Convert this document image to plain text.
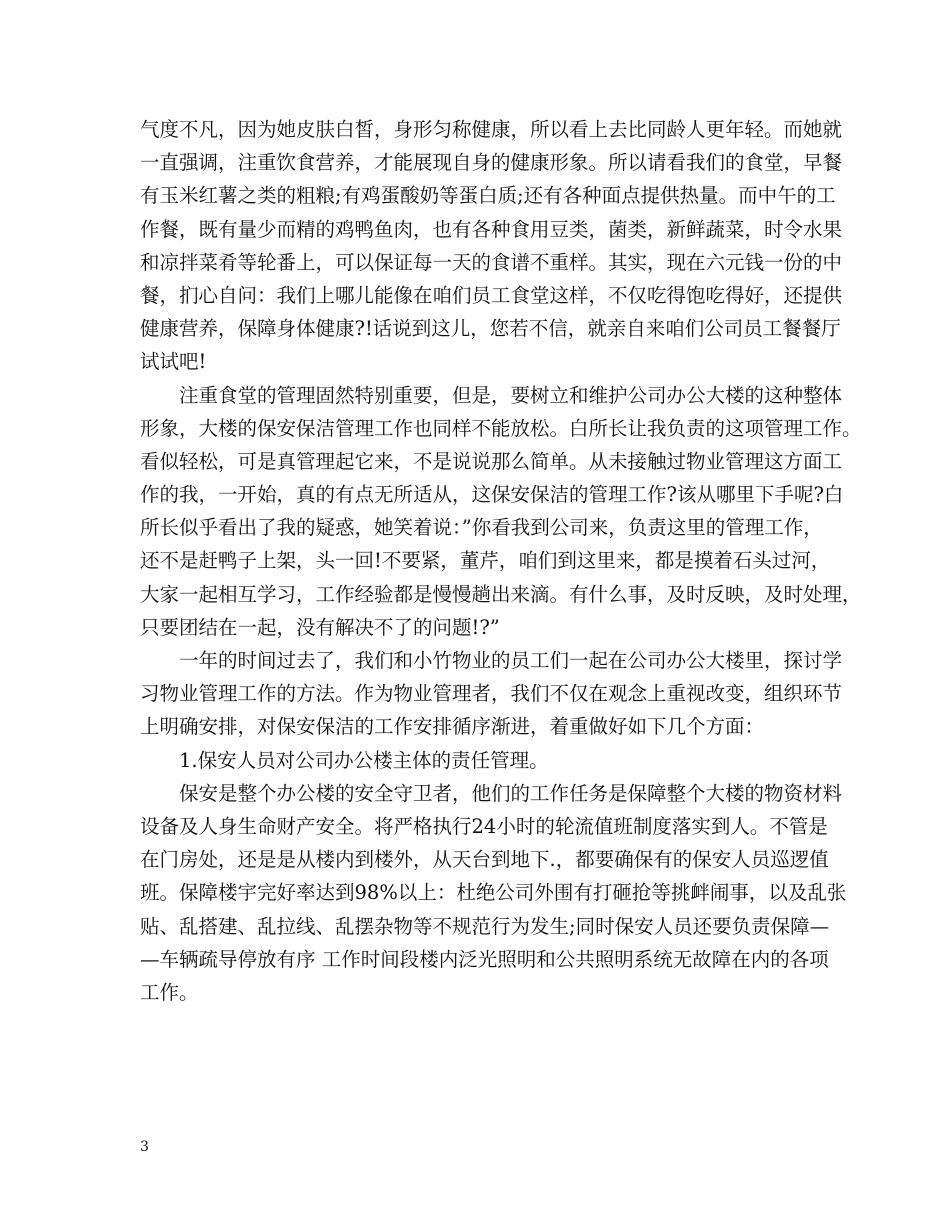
气度不凡，因为她皮肤白皙，身形匀称健康，所以看上去比同龄人更年轻。而她就
一直强调，注重饮食营养，才能展现自身的健康形象。所以请看我们的食堂，早餐
有玉米红薯之类的粗粮;有鸡蛋酸奶等蛋白质;还有各种面点提供热量。而中午的工
作餐，既有量少而精的鸡鸭鱼肉，也有各种食用豆类，菌类，新鲜蔬菜，时令水果
和凉拌菜肴等轮番上，可以保证每一天的食谱不重样。其实，现在六元钱一份的中
餐，扪心自问：我们上哪儿能像在咱们员工食堂这样，不仅吃得饱吃得好，还提供
健康营养，保障身体健康?!话说到这儿，您若不信，就亲自来咱们公司员工餐餐厅
试试吧!
注重食堂的管理固然特别重要，但是，要树立和维护公司办公大楼的这种整体
形象，大楼的保安保洁管理工作也同样不能放松。白所长让我负责的这项管理工作。
看似轻松，可是真管理起它来，不是说说那么简单。从未接触过物业管理这方面工
作的我，一开始，真的有点无所适从，这保安保洁的管理工作?该从哪里下手呢?白
所长似乎看出了我的疑惑，她笑着说：”你看我到公司来，负责这里的管理工作，
还不是赶鸭子上架，头一回!不要紧，董芹，咱们到这里来，都是摸着石头过河，
大家一起相互学习，工作经验都是慢慢趟出来滴。有什么事，及时反映，及时处理，
只要团结在一起，没有解决不了的问题!?”
一年的时间过去了，我们和小竹物业的员工们一起在公司办公大楼里，探讨学
习物业管理工作的方法。作为物业管理者，我们不仅在观念上重视改变，组织环节
上明确安排，对保安保洁的工作安排循序渐进，着重做好如下几个方面：
1.保安人员对公司办公楼主体的责任管理。
保安是整个办公楼的安全守卫者，他们的工作任务是保障整个大楼的物资材料
设备及人身生命财产安全。将严格执行24小时的轮流值班制度落实到人。不管是
在门房处，还是是从楼内到楼外，从天台到地下.，都要确保有的保安人员巡逻值
班。保障楼宇完好率达到98%以上：杜绝公司外围有打砸抢等挑衅闹事，以及乱张
贴、乱搭建、乱拉线、乱摆杂物等不规范行为发生;同时保安人员还要负责保障—
—车辆疏导停放有序 工作时间段楼内泛光照明和公共照明系统无故障在内的各项
工作。
3
